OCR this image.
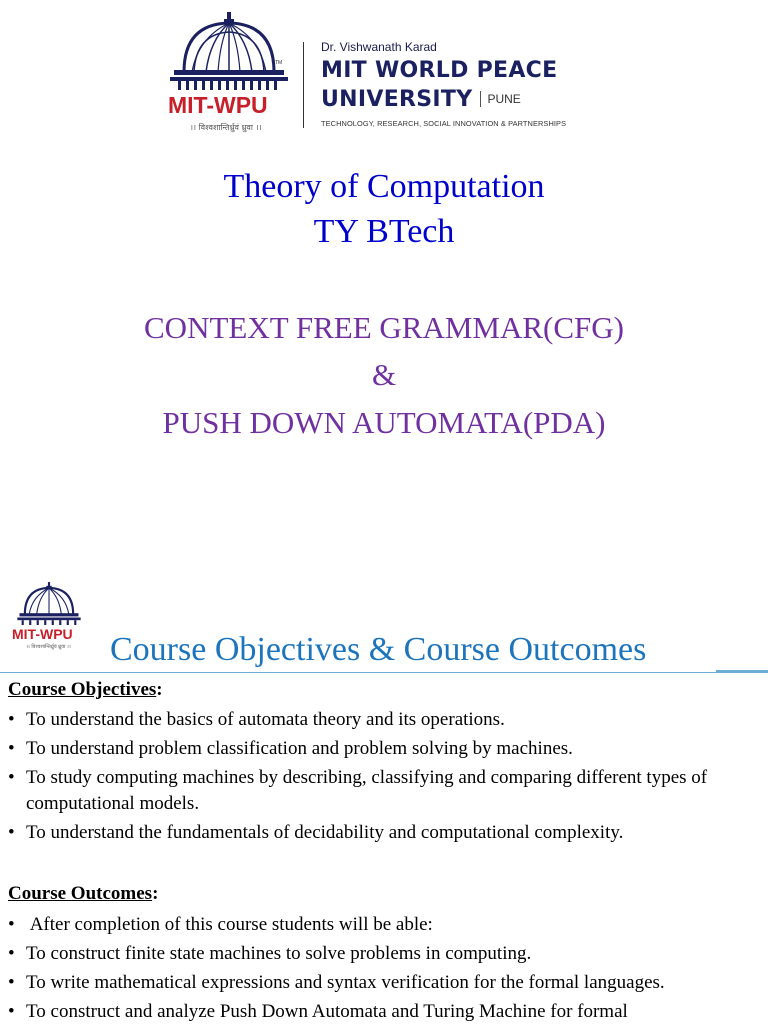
TM
MIT-WPU
।। विश्वशान्तिर्ध्रुवं ध्रुवा ।।
Dr. Vishwanath Karad
MIT WORLD PEACE
UNIVERSITY PUNE
TECHNOLOGY, RESEARCH, SOCIAL INNOVATION & PARTNERSHIPS
Theory of Computation
TY BTech
CONTEXT FREE GRAMMAR(CFG)
&
PUSH DOWN AUTOMATA(PDA)
MIT-WPU
।। विश्वशान्तिर्ध्रुवं ध्रुवा ।। Course Objectives & Course Outcomes
Course Objectives:
• To understand the basics of automata theory and its operations.
• To understand problem classification and problem solving by machines.
• To study computing machines by describing, classifying and comparing different types of computational models.
• To understand the fundamentals of decidability and computational complexity.
Course Outcomes:
•  After completion of this course students will be able:
• To construct finite state machines to solve problems in computing.
• To write mathematical expressions and syntax verification for the formal languages.
• To construct and analyze Push Down Automata and Turing Machine for formal
